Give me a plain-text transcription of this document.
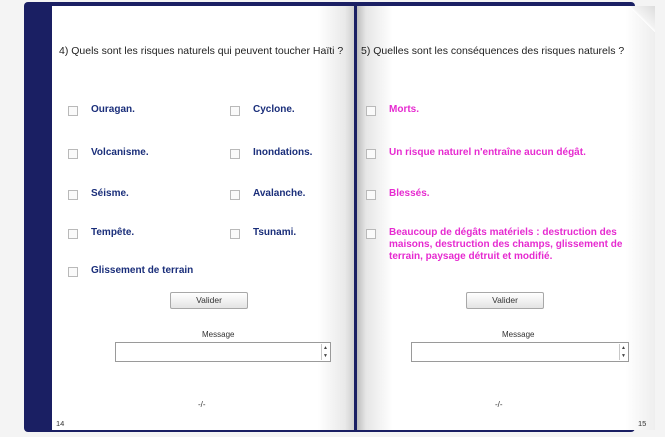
4) Quels sont les risques naturels qui peuvent toucher Haïti ?
Ouragan.	Cyclone.
Volcanisme.	Inondations.
Séisme.	Avalanche.
Tempête.	Tsunami.
Glissement de terrain
Valider
Message
▲
▼
-/-
14
5) Quelles sont les conséquences des risques naturels ?
Morts.
Un risque naturel n'entraîne aucun dégât.
Blessés.
Beaucoup de dégâts matériels : destruction des maisons, destruction des champs, glissement de terrain, paysage détruit et modifié.
Valider
Message
▲
▼
-/-
15
